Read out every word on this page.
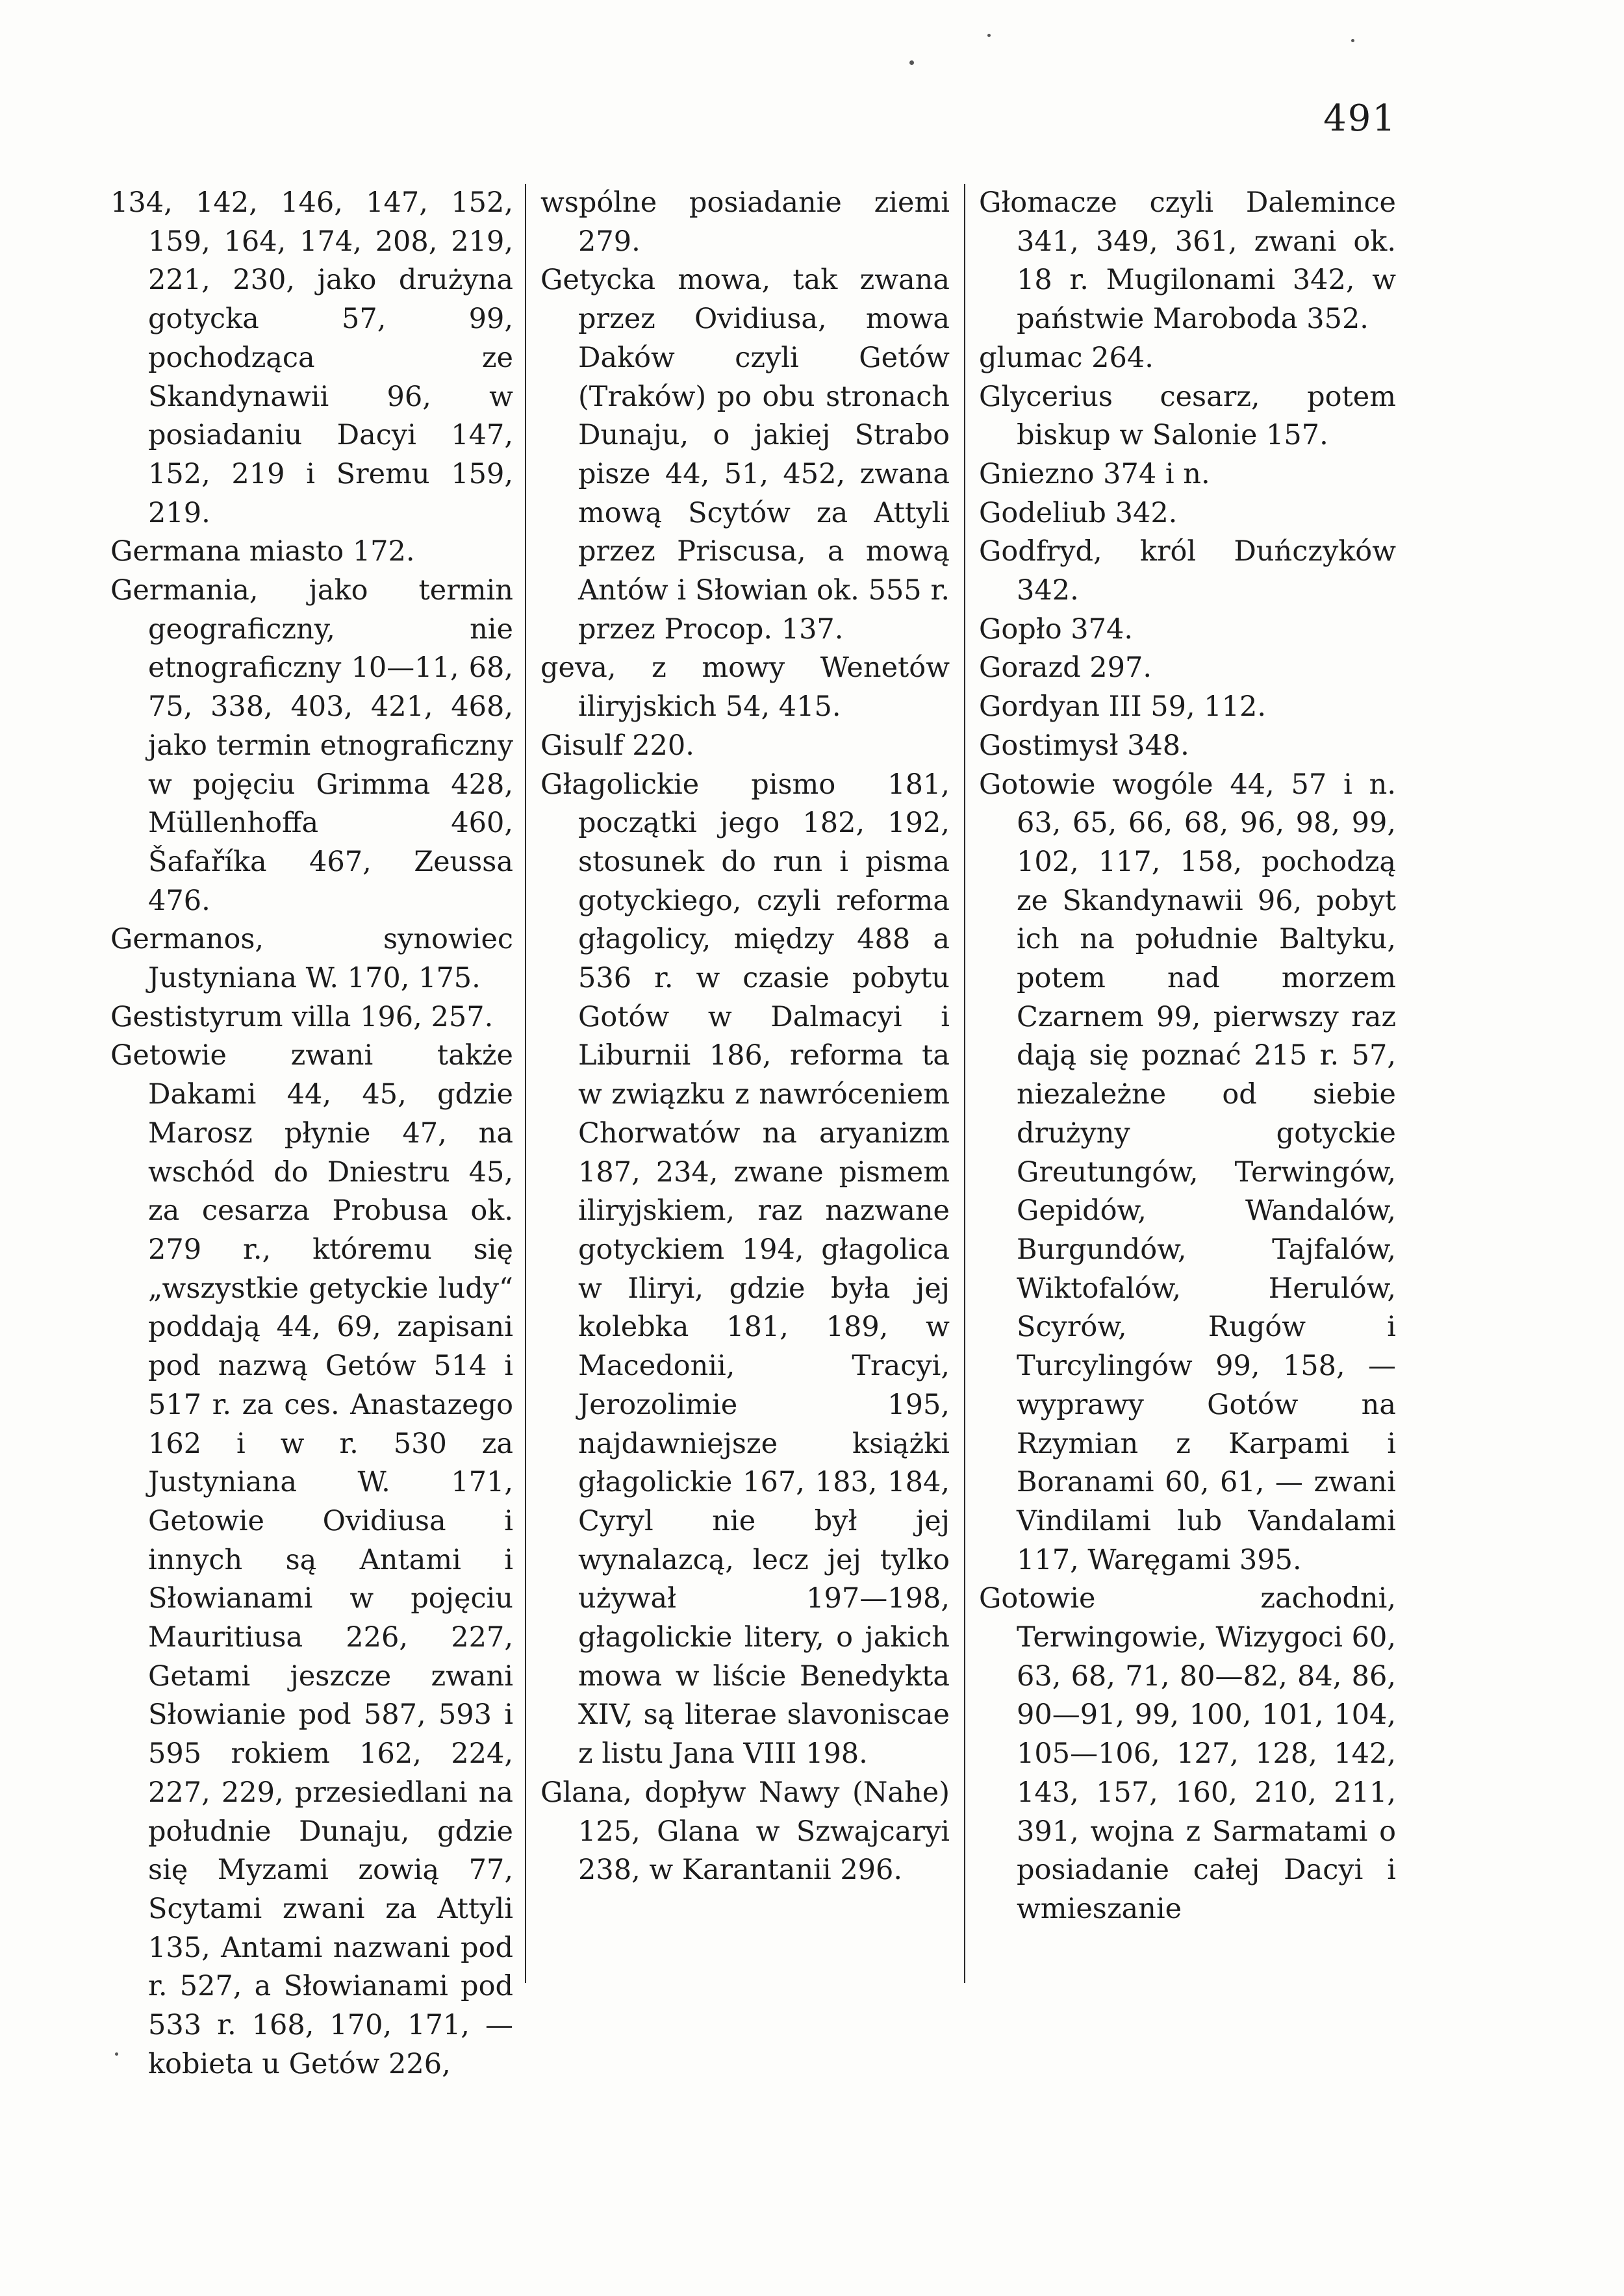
491

134, 142, 146, 147, 152, 159, 164, 174, 208, 219, 221, 230, jako drużyna gotycka 57, 99, pochodząca ze Skandynawii 96, w posiadaniu Dacyi 147, 152, 219 i Sremu 159, 219.

Germana miasto 172.

Germania, jako termin geograficzny, nie etnograficzny 10—11, 68, 75, 338, 403, 421, 468, jako termin etnograficzny w pojęciu Grimma 428, Müllenhoffa 460, Šafaříka 467, Zeussa 476.

Germanos, synowiec Justyniana W. 170, 175.

Gestistyrum villa 196, 257.

Getowie zwani także Dakami 44, 45, gdzie Marosz płynie 47, na wschód do Dniestru 45, za cesarza Probusa ok. 279 r., któremu się „wszystkie getyckie ludy“ poddają 44, 69, zapisani pod nazwą Getów 514 i 517 r. za ces. Anastazego 162 i w r. 530 za Justyniana W. 171, Getowie Ovidiusa i innych są Antami i Słowianami w pojęciu Mauritiusa 226, 227, Getami jeszcze zwani Słowianie pod 587, 593 i 595 rokiem 162, 224, 227, 229, przesiedlani na południe Dunaju, gdzie się Myzami zowią 77, Scytami zwani za Attyli 135, Antami nazwani pod r. 527, a Słowianami pod 533 r. 168, 170, 171, — kobieta u Getów 226,

wspólne posiadanie ziemi 279.

Getycka mowa, tak zwana przez Ovidiusa, mowa Daków czyli Getów (Traków) po obu stronach Dunaju, o jakiej Strabo pisze 44, 51, 452, zwana mową Scytów za Attyli przez Priscusa, a mową Antów i Słowian ok. 555 r. przez Procop. 137.

geva, z mowy Wenetów iliryjskich 54, 415.

Gisulf 220.

Głagolickie pismo 181, początki jego 182, 192, stosunek do run i pisma gotyckiego, czyli reforma głagolicy, między 488 a 536 r. w czasie pobytu Gotów w Dalmacyi i Liburnii 186, reforma ta w związku z nawróceniem Chorwatów na aryanizm 187, 234, zwane pismem iliryjskiem, raz nazwane gotyckiem 194, głagolica w Iliryi, gdzie była jej kolebka 181, 189, w Macedonii, Tracyi, Jerozolimie 195, najdawniejsze książki głagolickie 167, 183, 184, Cyryl nie był jej wynalazcą, lecz jej tylko używał 197—198, głagolickie litery, o jakich mowa w liście Benedykta XIV, są literae slavoniscae z listu Jana VIII 198.

Glana, dopływ Nawy (Nahe) 125, Glana w Szwajcaryi 238, w Karantanii 296.

Głomacze czyli Dalemince 341, 349, 361, zwani ok. 18 r. Mugilonami 342, w państwie Maroboda 352.

glumac 264.

Glycerius cesarz, potem biskup w Salonie 157.

Gniezno 374 i n.

Godeliub 342.

Godfryd, król Duńczyków 342.

Gopło 374.

Gorazd 297.

Gordyan III 59, 112.

Gostimysł 348.

Gotowie wogóle 44, 57 i n. 63, 65, 66, 68, 96, 98, 99, 102, 117, 158, pochodzą ze Skandynawii 96, pobyt ich na południe Baltyku, potem nad morzem Czarnem 99, pierwszy raz dają się poznać 215 r. 57, niezależne od siebie drużyny gotyckie Greutungów, Terwingów, Gepidów, Wandalów, Burgundów, Tajfalów, Wiktofalów, Herulów, Scyrów, Rugów i Turcylingów 99, 158, — wyprawy Gotów na Rzymian z Karpami i Boranami 60, 61, — zwani Vindilami lub Vandalami 117, Waręgami 395.

Gotowie zachodni, Terwingowie, Wizygoci 60, 63, 68, 71, 80—82, 84, 86, 90—91, 99, 100, 101, 104, 105—106, 127, 128, 142, 143, 157, 160, 210, 211, 391, wojna z Sarmatami o posiadanie całej Dacyi i wmieszanie
